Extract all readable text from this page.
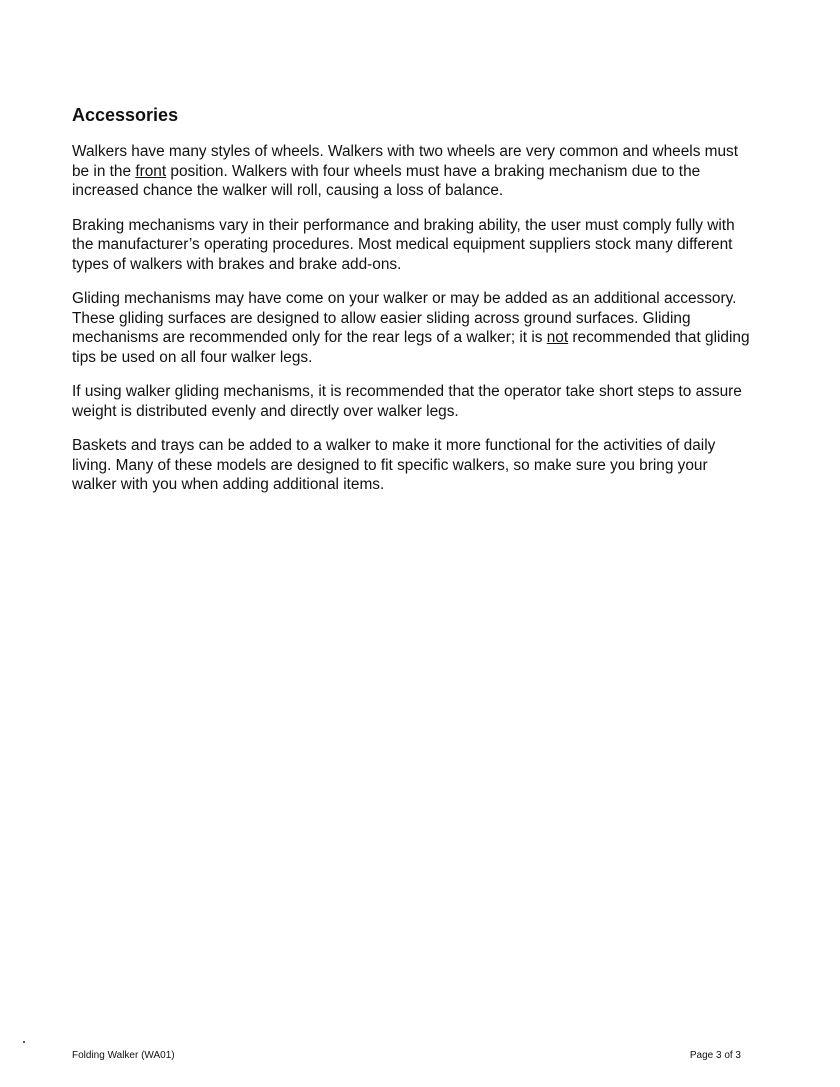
Accessories

Walkers have many styles of wheels. Walkers with two wheels are very common and wheels must be in the front position. Walkers with four wheels must have a braking mechanism due to the increased chance the walker will roll, causing a loss of balance.

Braking mechanisms vary in their performance and braking ability, the user must comply fully with the manufacturer’s operating procedures. Most medical equipment suppliers stock many different types of walkers with brakes and brake add-ons.

Gliding mechanisms may have come on your walker or may be added as an additional accessory. These gliding surfaces are designed to allow easier sliding across ground surfaces. Gliding mechanisms are recommended only for the rear legs of a walker; it is not recommended that gliding tips be used on all four walker legs.

If using walker gliding mechanisms, it is recommended that the operator take short steps to assure weight is distributed evenly and directly over walker legs.

Baskets and trays can be added to a walker to make it more functional for the activities of daily living. Many of these models are designed to fit specific walkers, so make sure you bring your walker with you when adding additional items.

Folding Walker (WA01)	Page 3 of 3
